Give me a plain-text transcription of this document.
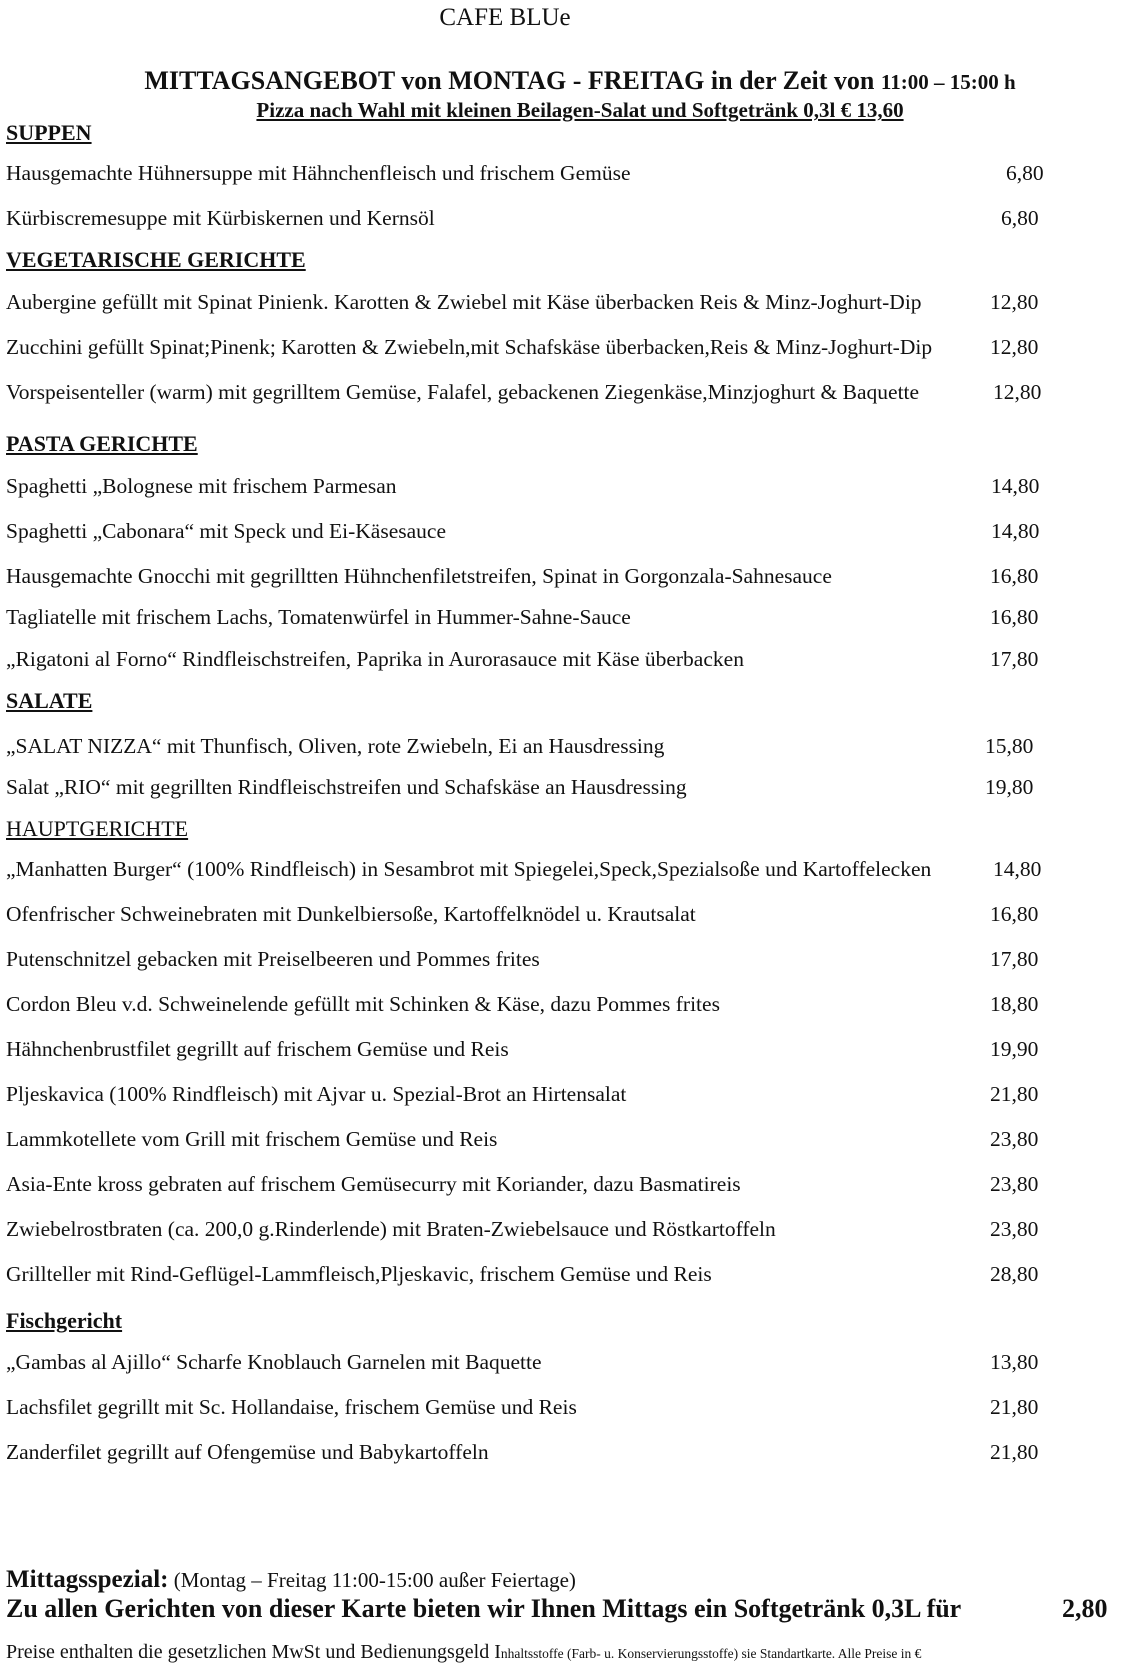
CAFE BLUe
MITTAGSANGEBOT von MONTAG - FREITAG in der Zeit von 11:00 – 15:00 h
Pizza nach Wahl mit kleinen Beilagen-Salat und Softgetränk 0,3l € 13,60
SUPPEN
Hausgemachte Hühnersuppe mit Hähnchenfleisch und frischem Gemüse	6,80
Kürbiscremesuppe mit Kürbiskernen und Kernsöl	6,80
VEGETARISCHE GERICHTE
Aubergine gefüllt mit Spinat Pinienk. Karotten & Zwiebel mit Käse überbacken Reis & Minz-Joghurt-Dip	12,80
Zucchini gefüllt Spinat;Pinenk; Karotten & Zwiebeln,mit Schafskäse überbacken,Reis & Minz-Joghurt-Dip	12,80
Vorspeisenteller (warm) mit gegrilltem Gemüse, Falafel, gebackenen Ziegenkäse,Minzjoghurt & Baquette	12,80
PASTA GERICHTE
Spaghetti „Bolognese mit frischem Parmesan	14,80
Spaghetti „Cabonara“ mit Speck und Ei-Käsesauce	14,80
Hausgemachte Gnocchi mit gegrilltten Hühnchenfiletstreifen, Spinat in Gorgonzala-Sahnesauce	16,80
Tagliatelle mit frischem Lachs, Tomatenwürfel in Hummer-Sahne-Sauce	16,80
„Rigatoni al Forno“ Rindfleischstreifen, Paprika in Aurorasauce mit Käse überbacken	17,80
SALATE
„SALAT NIZZA“ mit Thunfisch, Oliven, rote Zwiebeln, Ei an Hausdressing	15,80
Salat „RIO“ mit gegrillten Rindfleischstreifen und Schafskäse an Hausdressing	19,80
HAUPTGERICHTE
„Manhatten Burger“ (100% Rindfleisch) in Sesambrot mit Spiegelei,Speck,Spezialsoße und Kartoffelecken	14,80
Ofenfrischer Schweinebraten mit Dunkelbiersoße, Kartoffelknödel u. Krautsalat	16,80
Putenschnitzel gebacken mit Preiselbeeren und Pommes frites	17,80
Cordon Bleu v.d. Schweinelende gefüllt mit Schinken & Käse, dazu Pommes frites	18,80
Hähnchenbrustfilet gegrillt auf frischem Gemüse und Reis	19,90
Pljeskavica (100% Rindfleisch) mit Ajvar u. Spezial-Brot an Hirtensalat	21,80
Lammkotellete vom Grill mit frischem Gemüse und Reis	23,80
Asia-Ente kross gebraten auf frischem Gemüsecurry mit Koriander, dazu Basmatireis	23,80
Zwiebelrostbraten (ca. 200,0 g.Rinderlende) mit Braten-Zwiebelsauce und Röstkartoffeln	23,80
Grillteller mit Rind-Geflügel-Lammfleisch,Pljeskavic, frischem Gemüse und Reis	28,80
Fischgericht
„Gambas al Ajillo“ Scharfe Knoblauch Garnelen mit Baquette	13,80
Lachsfilet gegrillt mit Sc. Hollandaise, frischem Gemüse und Reis	21,80
Zanderfilet gegrillt auf Ofengemüse und Babykartoffeln	21,80
Mittagsspezial: (Montag – Freitag 11:00-15:00 außer Feiertage)
Zu allen Gerichten von dieser Karte bieten wir Ihnen Mittags ein Softgetränk 0,3L für	2,80
Preise enthalten die gesetzlichen MwSt und Bedienungsgeld Inhaltsstoffe (Farb- u. Konservierungsstoffe) sie Standartkarte. Alle Preise in €
